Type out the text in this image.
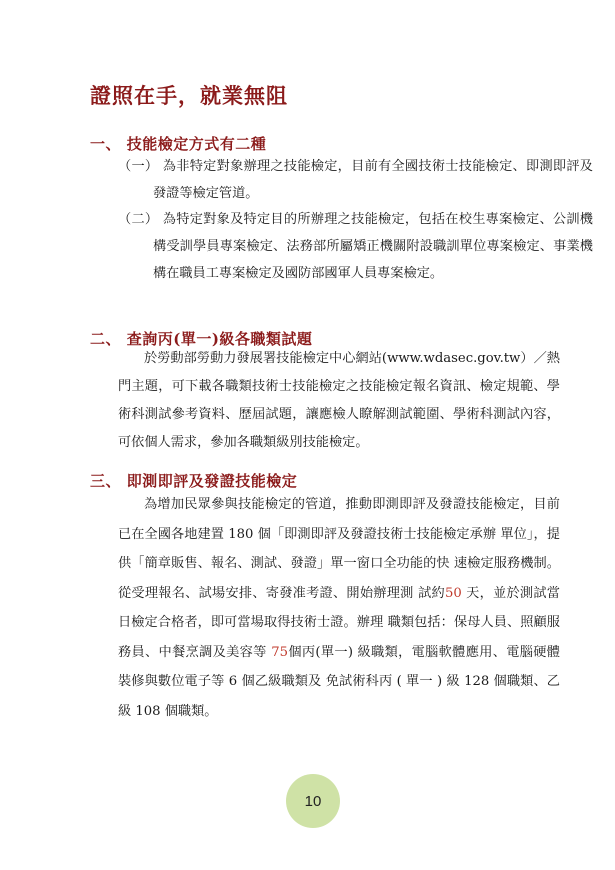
證照在手，就業無阻
一、 技能檢定方式有二種

（一） 為非特定對象辦理之技能檢定，目前有全國技術士技能檢定、即測即評及發證等檢定管道。

（二） 為特定對象及特定目的所辦理之技能檢定，包括在校生專案檢定、公訓機構受訓學員專案檢定、法務部所屬矯正機關附設職訓單位專案檢定、事業機構在職員工專案檢定及國防部國軍人員專案檢定。

二、 查詢丙(單一)級各職類試題

於勞動部勞動力發展署技能檢定中心網站(www.wdasec.gov.tw）／熱門主題，可下載各職類技術士技能檢定之技能檢定報名資訊、檢定規範、學術科測試參考資料、歷屆試題，讓應檢人瞭解測試範圍、學術科測試內容，可依個人需求，參加各職類級別技能檢定。

三、 即測即評及發證技能檢定

為增加民眾參與技能檢定的管道，推動即測即評及發證技能檢定，目前已在全國各地建置 180 個「即測即評及發證技術士技能檢定承辦 單位」，提供「簡章販售、報名、測試、發證」單一窗口全功能的快 速檢定服務機制。從受理報名、試場安排、寄發准考證、開始辦理測 試約50 天，並於測試當日檢定合格者，即可當場取得技術士證。辦理 職類包括：保母人員、照顧服務員、中餐烹調及美容等 75個丙(單一) 級職類，電腦軟體應用、電腦硬體裝修與數位電子等 6 個乙級職類及 免試術科丙 ( 單一 ) 級 128 個職類、乙級 108 個職類。

10
